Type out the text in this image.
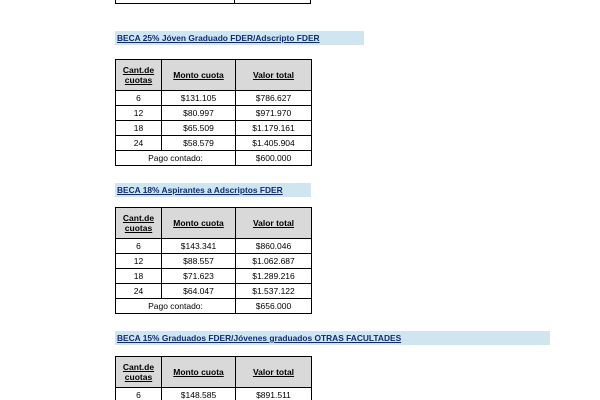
BECA 25% Jóven Graduado FDER/Adscripto FDER
Cant.de cuotas	Monto cuota	Valor total
6	$131.105	$786.627
12	$80.997	$971.970
18	$65.509	$1.179.161
24	$58.579	$1.405.904
Pago contado:		$600.000
BECA 18% Aspirantes a Adscriptos FDER
Cant.de cuotas	Monto cuota	Valor total
6	$143.341	$860.046
12	$88.557	$1.062.687
18	$71.623	$1.289.216
24	$64.047	$1.537.122
Pago contado:		$656.000
BECA 15% Graduados FDER/Jóvenes graduados OTRAS FACULTADES
Cant.de cuotas	Monto cuota	Valor total
6	$148.585	$891.511
